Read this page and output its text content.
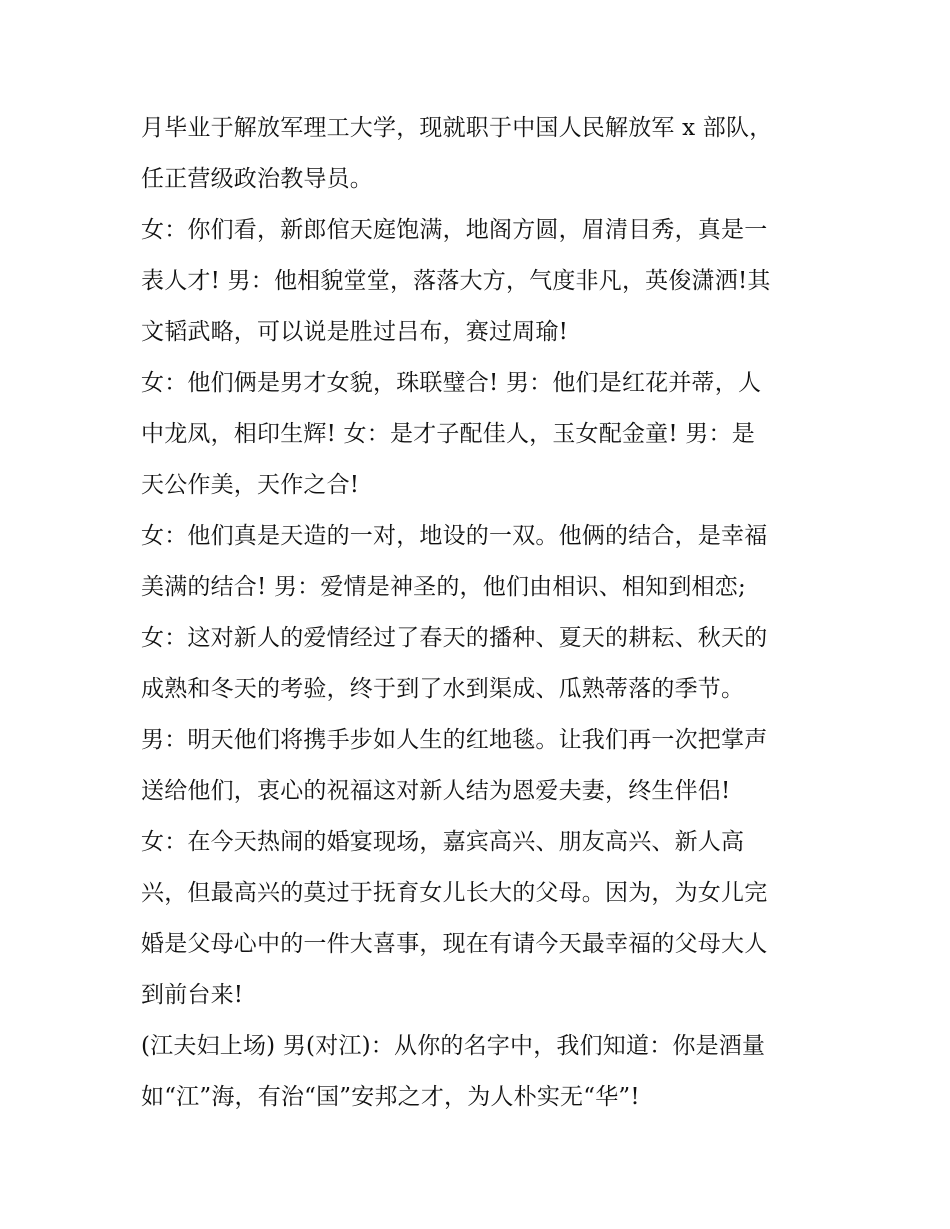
月毕业于解放军理工大学，现就职于中国人民解放军 x 部队，
任正营级政治教导员。
女：你们看，新郎倌天庭饱满，地阁方圆，眉清目秀，真是一
表人才! 男：他相貌堂堂，落落大方，气度非凡，英俊潇洒!其
文韬武略，可以说是胜过吕布，赛过周瑜!
女：他们俩是男才女貌，珠联璧合! 男：他们是红花并蒂，人
中龙凤，相印生辉! 女：是才子配佳人，玉女配金童! 男：是
天公作美，天作之合!
女：他们真是天造的一对，地设的一双。他俩的结合，是幸福
美满的结合! 男：爱情是神圣的，他们由相识、相知到相恋;
女：这对新人的爱情经过了春天的播种、夏天的耕耘、秋天的
成熟和冬天的考验，终于到了水到渠成、瓜熟蒂落的季节。
男：明天他们将携手步如人生的红地毯。让我们再一次把掌声
送给他们，衷心的祝福这对新人结为恩爱夫妻，终生伴侣!
女：在今天热闹的婚宴现场，嘉宾高兴、朋友高兴、新人高
兴，但最高兴的莫过于抚育女儿长大的父母。因为，为女儿完
婚是父母心中的一件大喜事，现在有请今天最幸福的父母大人
到前台来!
(江夫妇上场) 男(对江)：从你的名字中，我们知道：你是酒量
如“江”海，有治“国”安邦之才，为人朴实无“华”!
